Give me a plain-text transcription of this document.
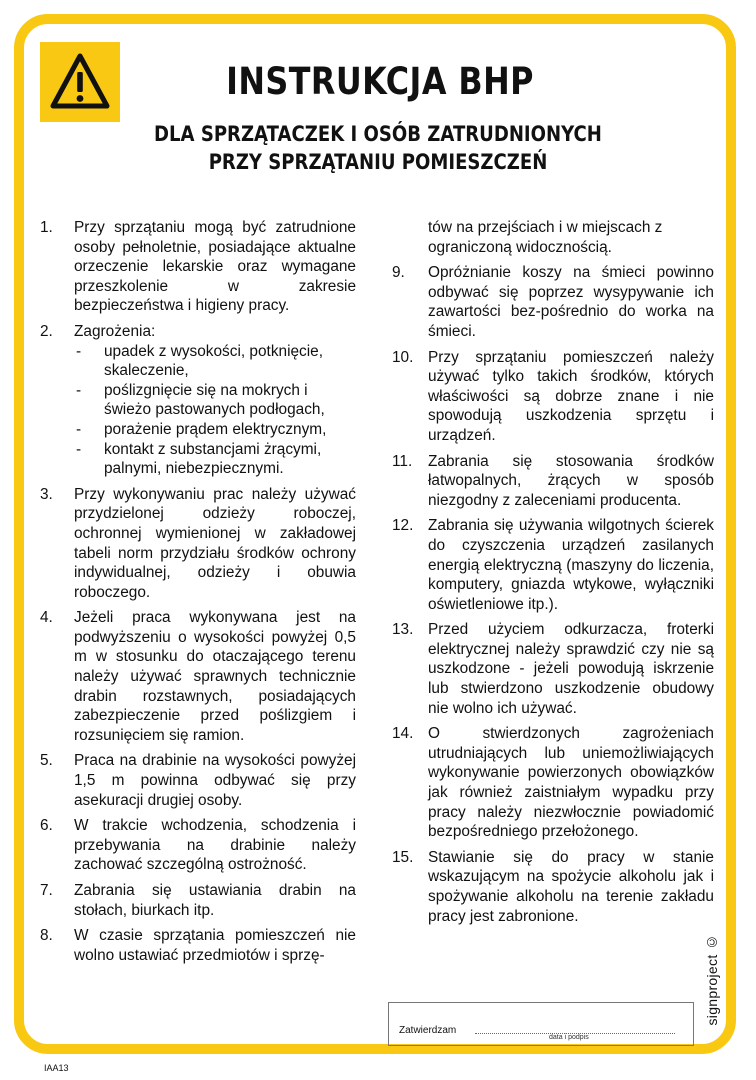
INSTRUKCJA BHP
DLA SPRZĄTACZEK I OSÓB ZATRUDNIONYCH
PRZY SPRZĄTANIU POMIESZCZEŃ
1. Przy sprzątaniu mogą być zatrudnione osoby pełnoletnie, posiadające aktualne orzeczenie lekarskie oraz wymagane przeszkolenie w zakresie bezpieczeństwa i higieny pracy.
2. Zagrożenia:
- upadek z wysokości, potknięcie, skaleczenie,
- poślizgnięcie się na mokrych i świeżo pastowanych podłogach,
- porażenie prądem elektrycznym,
- kontakt z substancjami żrącymi, palnymi, niebezpiecznymi.
3. Przy wykonywaniu prac należy używać przydzielonej odzieży roboczej, ochronnej wymienionej w zakładowej tabeli norm przydziału środków ochrony indywidualnej, odzieży i obuwia roboczego.
4. Jeżeli praca wykonywana jest na podwyższeniu o wysokości powyżej 0,5 m w stosunku do otaczającego terenu należy używać sprawnych technicznie drabin rozstawnych, posiadających zabezpieczenie przed poślizgiem i rozsunięciem się ramion.
5. Praca na drabinie na wysokości powyżej 1,5 m powinna odbywać się przy asekuracji drugiej osoby.
6. W trakcie wchodzenia, schodzenia i przebywania na drabinie należy zachować szczególną ostrożność.
7. Zabrania się ustawiania drabin na stołach, biurkach itp.
8. W czasie sprzątania pomieszczeń nie wolno ustawiać przedmiotów i sprzę-
tów na przejściach i w miejscach z ograniczoną widocznością.
9. Opróżnianie koszy na śmieci powinno odbywać się poprzez wysypywanie ich zawartości bez-pośrednio do worka na śmieci.
10. Przy sprzątaniu pomieszczeń należy używać tylko takich środków, których właściwości są dobrze znane i nie spowodują uszkodzenia sprzętu i urządzeń.
11. Zabrania się stosowania środków łatwopalnych, żrących w sposób niezgodny z zaleceniami producenta.
12. Zabrania się używania wilgotnych ścierek do czyszczenia urządzeń zasilanych energią elektryczną (maszyny do liczenia, komputery, gniazda wtykowe, wyłączniki oświetleniowe itp.).
13. Przed użyciem odkurzacza, froterki elektrycznej należy sprawdzić czy nie są uszkodzone - jeżeli powodują iskrzenie lub stwierdzono uszkodzenie obudowy nie wolno ich używać.
14. O stwierdzonych zagrożeniach utrudniających lub uniemożliwiających wykonywanie powierzonych obowiązków jak również zaistniałym wypadku przy pracy należy niezwłocznie powiadomić bezpośredniego przełożonego.
15. Stawianie się do pracy w stanie wskazującym na spożycie alkoholu jak i spożywanie alkoholu na terenie zakładu pracy jest zabronione.
Zatwierdzam
data i podpis
signproject ©
IAA13
